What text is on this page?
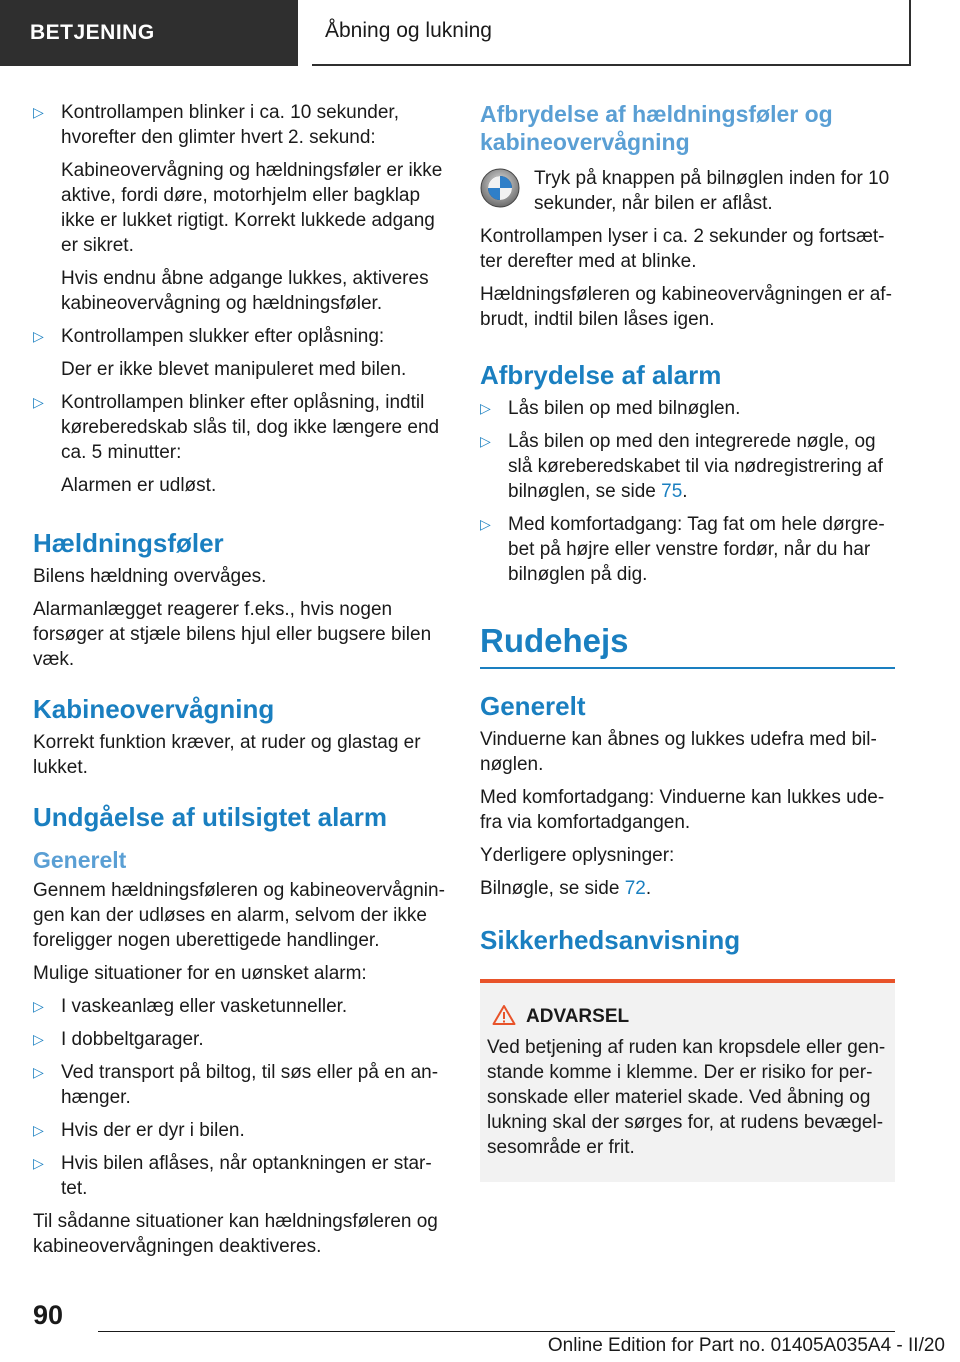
BETJENING	Åbning og lukning
▷ Kontrollampen blinker i ca. 10 sekunder, hvorefter den glimter hvert 2. sekund:

Kabineovervågning og hældningsføler er ikke aktive, fordi døre, motorhjelm eller bagklap ikke er lukket rigtigt. Korrekt lukkede adgang er sikret.

Hvis endnu åbne adgange lukkes, aktiveres kabineovervågning og hældningsføler.

▷ Kontrollampen slukker efter oplåsning:

Der er ikke blevet manipuleret med bilen.

▷ Kontrollampen blinker efter oplåsning, indtil køreberedskab slås til, dog ikke længere end ca. 5 minutter:

Alarmen er udløst.

Hældningsføler

Bilens hældning overvåges.

Alarmanlægget reagerer f.eks., hvis nogen forsøger at stjæle bilens hjul eller bugsere bilen væk.

Kabineovervågning

Korrekt funktion kræver, at ruder og glastag er lukket.

Undgåelse af utilsigtet alarm
Generelt

Gennem hældningsføleren og kabineovervågningen kan der udløses en alarm, selvom der ikke foreligger nogen uberettigede handlinger.

Mulige situationer for en uønsket alarm:

▷ I vaskeanlæg eller vasketunneller.
▷ I dobbeltgarager.
▷ Ved transport på biltog, til søs eller på en anhænger.
▷ Hvis der er dyr i bilen.
▷ Hvis bilen aflåses, når optankningen er startet.

Til sådanne situationer kan hældningsføleren og kabineovervågningen deaktiveres.

Afbrydelse af hældningsføler og kabineovervågning
Tryk på knappen på bilnøglen inden for 10 sekunder, når bilen er aflåst.

Kontrollampen lyser i ca. 2 sekunder og fortsætter derefter med at blinke.

Hældningsføleren og kabineovervågningen er afbrudt, indtil bilen låses igen.

Afbrydelse af alarm
▷ Lås bilen op med bilnøglen.
▷ Lås bilen op med den integrerede nøgle, og slå køreberedskabet til via nødregistrering af bilnøglen, se side 75.
▷ Med komfortadgang: Tag fat om hele dørgrebet på højre eller venstre fordør, når du har bilnøglen på dig.
Rudehejs
Generelt

Vinduerne kan åbnes og lukkes udefra med bilnøglen.

Med komfortadgang: Vinduerne kan lukkes udefra via komfortadgangen.

Yderligere oplysninger:

Bilnøgle, se side 72.

Sikkerhedsanvisning
ADVARSEL

Ved betjening af ruden kan kropsdele eller genstande komme i klemme. Der er risiko for personskade eller materiel skade. Ved åbning og lukning skal der sørges for, at rudens bevægelsesområde er frit.

90
Online Edition for Part no. 01405A035A4 - II/20
